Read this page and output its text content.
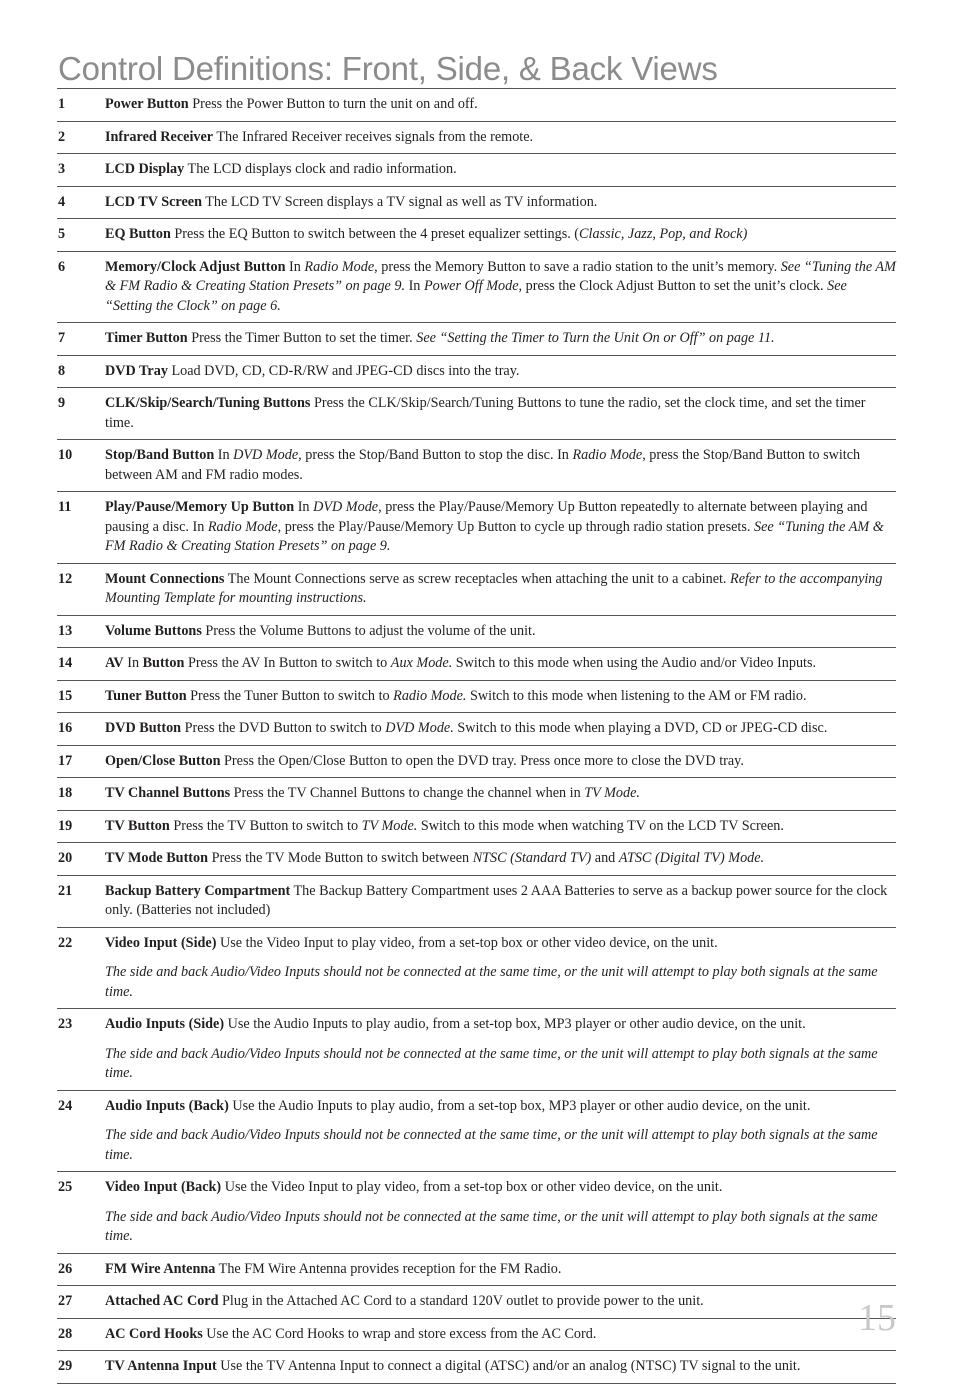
Control Definitions: Front, Side, & Back Views
1	Power Button Press the Power Button to turn the unit on and off.

2	Infrared Receiver The Infrared Receiver receives signals from the remote.

3	LCD Display The LCD displays clock and radio information.

4	LCD TV Screen The LCD TV Screen displays a TV signal as well as TV information.

5	EQ Button Press the EQ Button to switch between the 4 preset equalizer settings. (Classic, Jazz, Pop, and Rock)

6	Memory/Clock Adjust Button In Radio Mode, press the Memory Button to save a radio station to the unit’s memory. See “Tuning the AM & FM Radio & Creating Station Presets” on page 9. In Power Off Mode, press the Clock Adjust Button to set the unit’s clock. See “Setting the Clock” on page 6.

7	Timer Button Press the Timer Button to set the timer. See “Setting the Timer to Turn the Unit On or Off” on page 11.

8	DVD Tray Load DVD, CD, CD-R/RW and JPEG-CD discs into the tray.

9	CLK/Skip/Search/Tuning Buttons Press the CLK/Skip/Search/Tuning Buttons to tune the radio, set the clock time, and set the timer time.

10	Stop/Band Button In DVD Mode, press the Stop/Band Button to stop the disc. In Radio Mode, press the Stop/Band Button to switch between AM and FM radio modes.

11	Play/Pause/Memory Up Button In DVD Mode, press the Play/Pause/Memory Up Button repeatedly to alternate between playing and pausing a disc. In Radio Mode, press the Play/Pause/Memory Up Button to cycle up through radio station presets. See “Tuning the AM & FM Radio & Creating Station Presets” on page 9.

12	Mount Connections The Mount Connections serve as screw receptacles when attaching the unit to a cabinet. Refer to the accompanying Mounting Template for mounting instructions.

13	Volume Buttons Press the Volume Buttons to adjust the volume of the unit.

14	AV In Button Press the AV In Button to switch to Aux Mode. Switch to this mode when using the Audio and/or Video Inputs.

15	Tuner Button Press the Tuner Button to switch to Radio Mode. Switch to this mode when listening to the AM or FM radio.

16	DVD Button Press the DVD Button to switch to DVD Mode. Switch to this mode when playing a DVD, CD or JPEG-CD disc.

17	Open/Close Button Press the Open/Close Button to open the DVD tray. Press once more to close the DVD tray.

18	TV Channel Buttons Press the TV Channel Buttons to change the channel when in TV Mode.

19	TV Button Press the TV Button to switch to TV Mode. Switch to this mode when watching TV on the LCD TV Screen.

20	TV Mode Button Press the TV Mode Button to switch between NTSC (Standard TV) and ATSC (Digital TV) Mode.

21	Backup Battery Compartment The Backup Battery Compartment uses 2 AAA Batteries to serve as a backup power source for the clock only. (Batteries not included)

22	Video Input (Side) Use the Video Input to play video, from a set-top box or other video device, on the unit.

The side and back Audio/Video Inputs should not be connected at the same time, or the unit will attempt to play both signals at the same time.

23	Audio Inputs (Side) Use the Audio Inputs to play audio, from a set-top box, MP3 player or other audio device, on the unit.

The side and back Audio/Video Inputs should not be connected at the same time, or the unit will attempt to play both signals at the same time.

24	Audio Inputs (Back) Use the Audio Inputs to play audio, from a set-top box, MP3 player or other audio device, on the unit.

The side and back Audio/Video Inputs should not be connected at the same time, or the unit will attempt to play both signals at the same time.

25	Video Input (Back) Use the Video Input to play video, from a set-top box or other video device, on the unit.

The side and back Audio/Video Inputs should not be connected at the same time, or the unit will attempt to play both signals at the same time.

26	FM Wire Antenna The FM Wire Antenna provides reception for the FM Radio.

27	Attached AC Cord Plug in the Attached AC Cord to a standard 120V outlet to provide power to the unit.

28	AC Cord Hooks Use the AC Cord Hooks to wrap and store excess from the AC Cord.

29	TV Antenna Input Use the TV Antenna Input to connect a digital (ATSC) and/or an analog (NTSC) TV signal to the unit.

15
